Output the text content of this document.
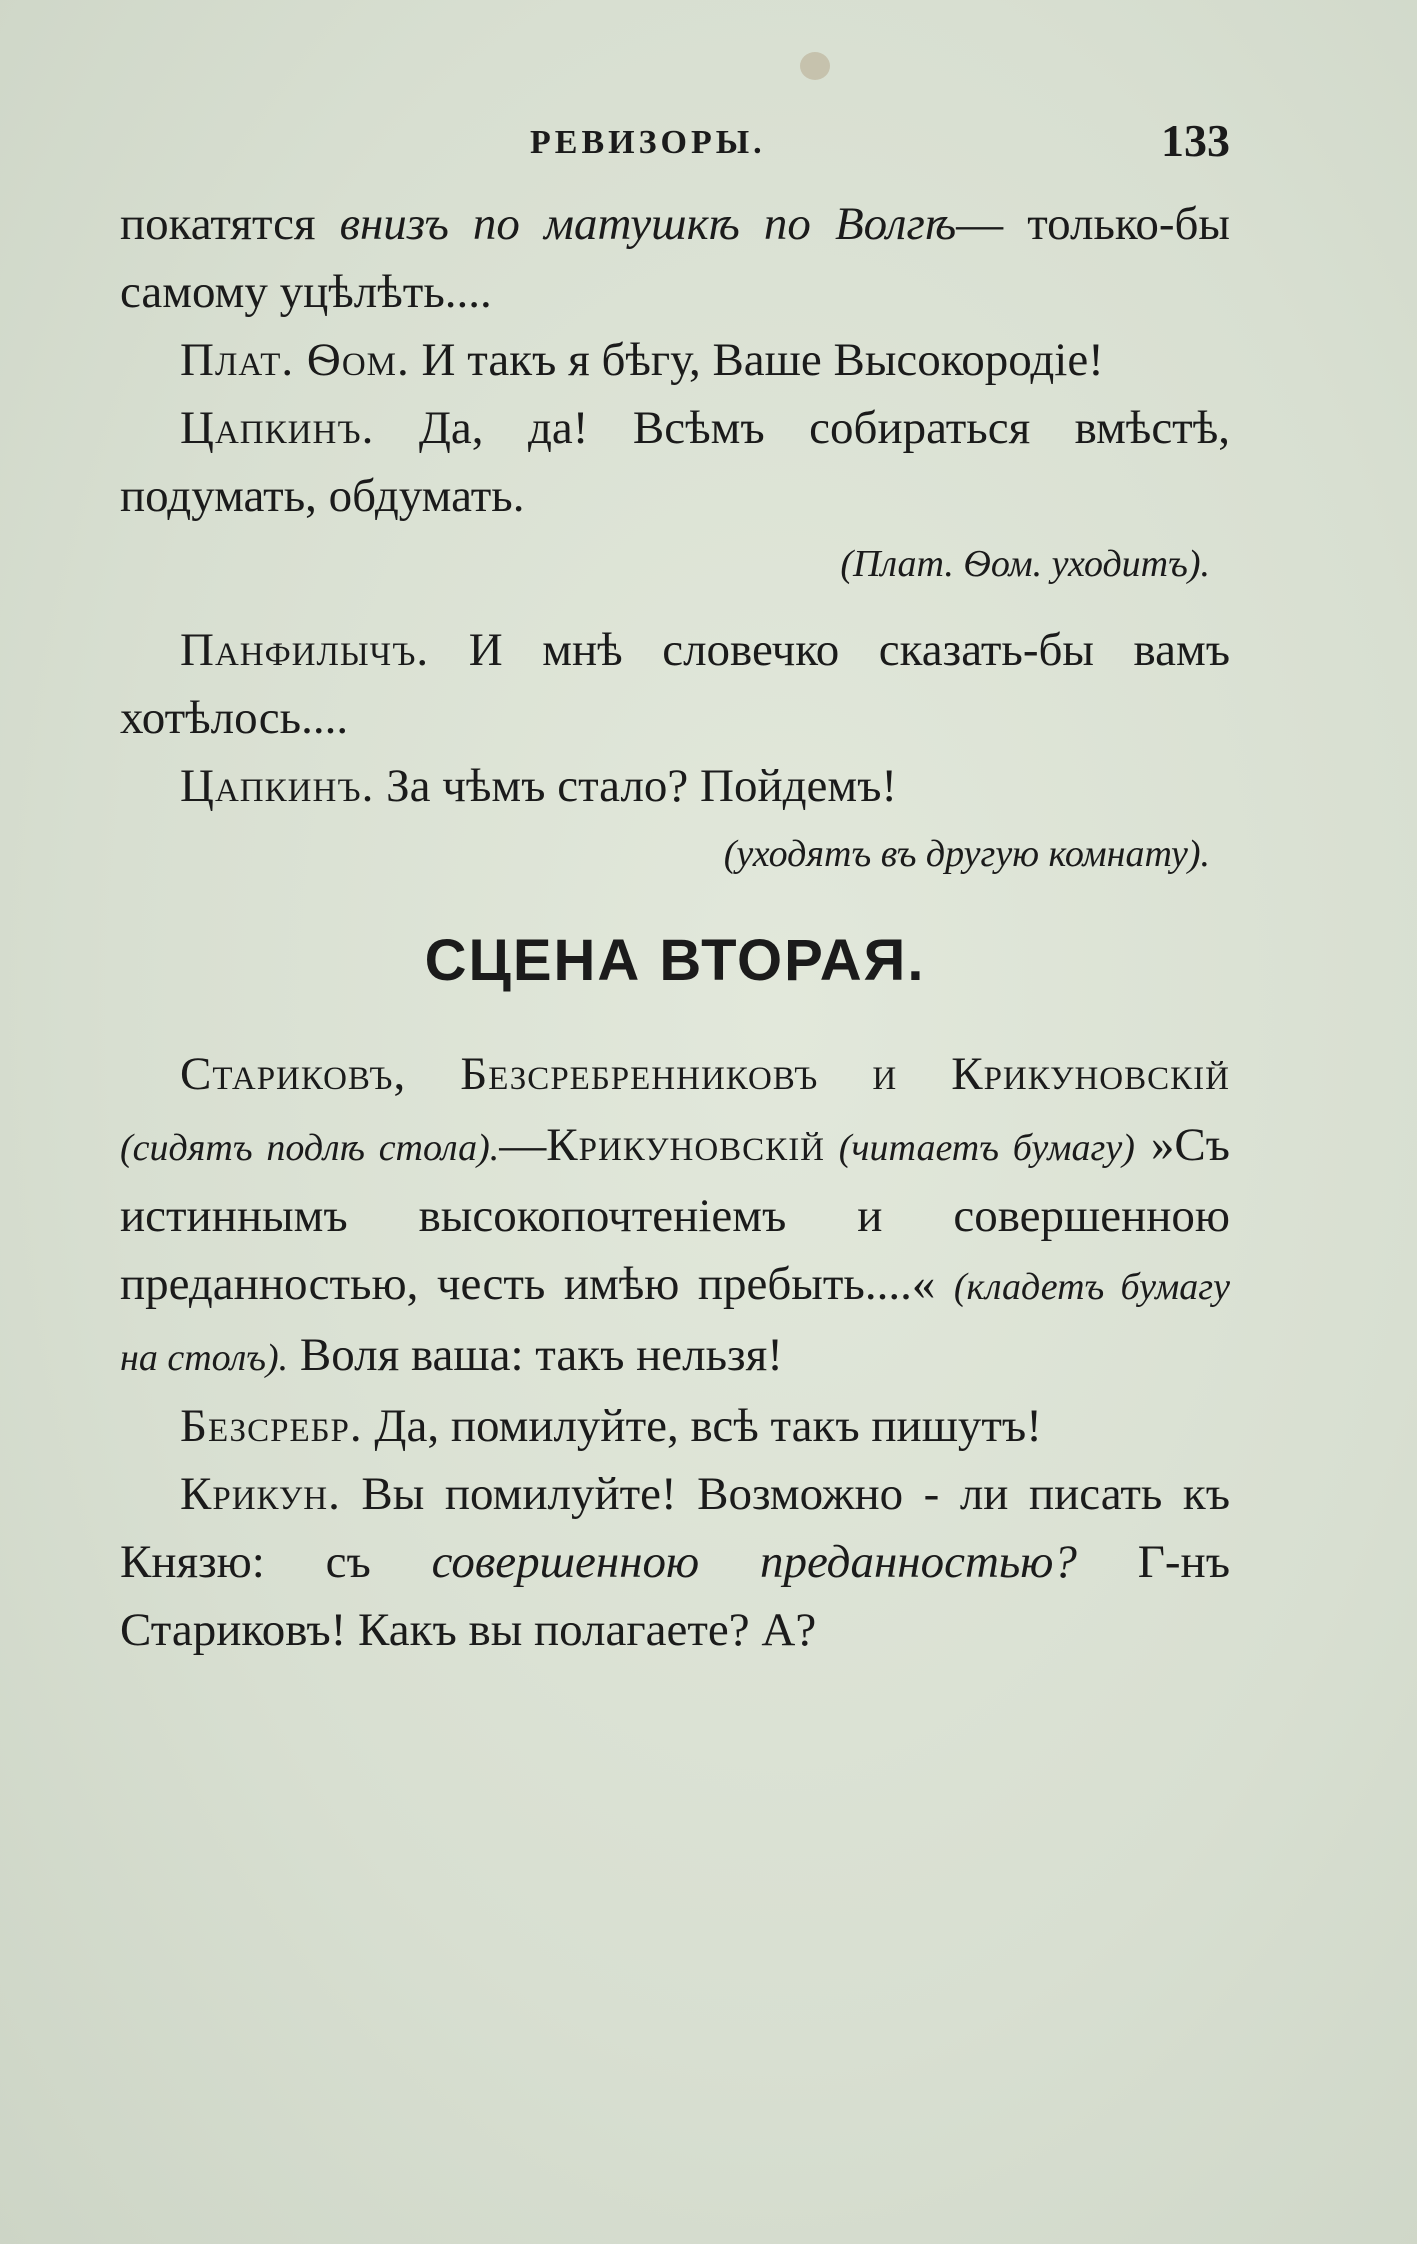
РЕВИЗОРЫ.	133

покатятся внизъ по матушкѣ по Волгѣ— только-бы самому уцѣлѣть....

Плат. Ѳом. И такъ я бѣгу, Ваше Высокородіе!

Цапкинъ. Да, да! Всѣмъ собираться вмѣстѣ, подумать, обдумать.

(Плат. Ѳом. уходитъ).

Панфилычъ. И мнѣ словечко сказать-бы вамъ хотѣлось....

Цапкинъ. За чѣмъ стало? Пойдемъ!

(уходятъ въ другую комнату).

СЦЕНА ВТОРАЯ.

Стариковъ, Безсребренниковъ и Крикуновскій (сидятъ подлѣ стола).—Крикуновскій (читаетъ бумагу) »Съ истиннымъ высокопочтеніемъ и совершенною преданностью, честь имѣю пребыть....« (кладетъ бумагу на столъ). Воля ваша: такъ нельзя!

Безсребр. Да, помилуйте, всѣ такъ пишутъ!

Крикун. Вы помилуйте! Возможно - ли писать къ Князю: съ совершенною преданностью? Г-нъ Стариковъ! Какъ вы полагаете? А?
